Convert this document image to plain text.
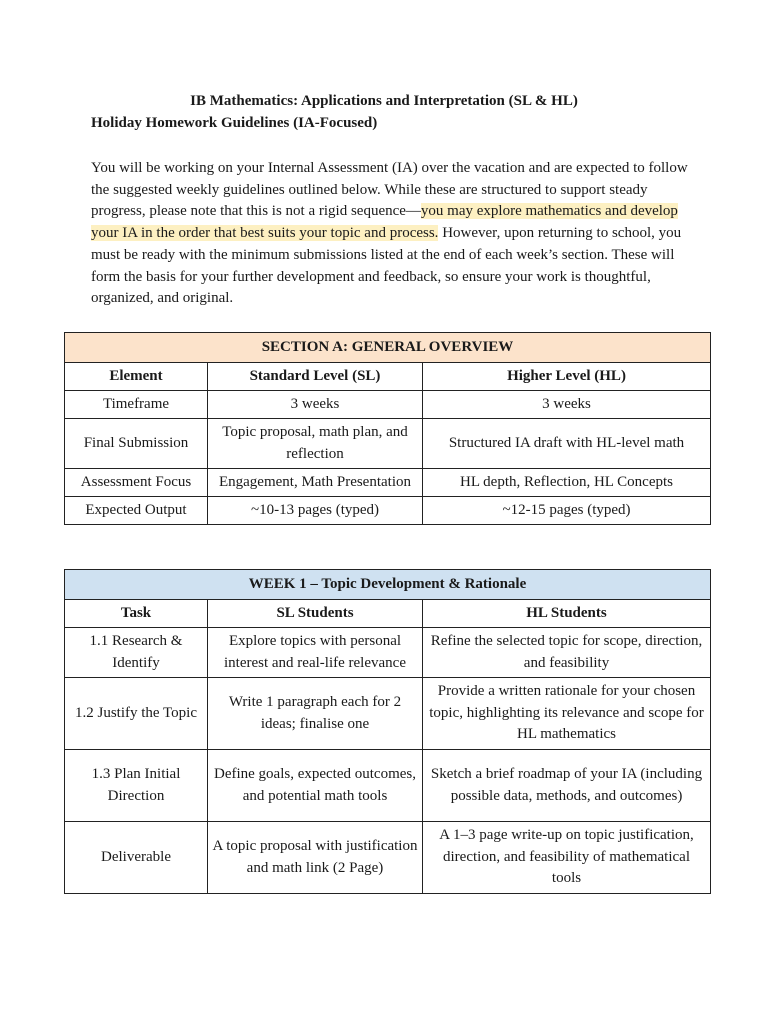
IB Mathematics: Applications and Interpretation (SL & HL)
Holiday Homework Guidelines (IA-Focused)
You will be working on your Internal Assessment (IA) over the vacation and are expected to follow the suggested weekly guidelines outlined below. While these are structured to support steady progress, please note that this is not a rigid sequence—you may explore mathematics and develop your IA in the order that best suits your topic and process. However, upon returning to school, you must be ready with the minimum submissions listed at the end of each week’s section. These will form the basis for your further development and feedback, so ensure your work is thoughtful, organized, and original.
SECTION A: GENERAL OVERVIEW		
Element	Standard Level (SL)	Higher Level (HL)
Timeframe	3 weeks	3 weeks
Final Submission	Topic proposal, math plan, and reflection	Structured IA draft with HL-level math
Assessment Focus	Engagement, Math Presentation	HL depth, Reflection, HL Concepts
Expected Output	~10-13 pages (typed)	~12-15 pages (typed)
WEEK 1 – Topic Development & Rationale		
Task	SL Students	HL Students
1.1 Research & Identify	Explore topics with personal interest and real-life relevance	Refine the selected topic for scope, direction, and feasibility
1.2 Justify the Topic	Write 1 paragraph each for 2 ideas; finalise one	Provide a written rationale for your chosen topic, highlighting its relevance and scope for HL mathematics
1.3 Plan Initial Direction	Define goals, expected outcomes, and potential math tools	Sketch a brief roadmap of your IA (including possible data, methods, and outcomes)
Deliverable	A topic proposal with justification and math link (2 Page)	A 1–3 page write-up on topic justification, direction, and feasibility of mathematical tools
